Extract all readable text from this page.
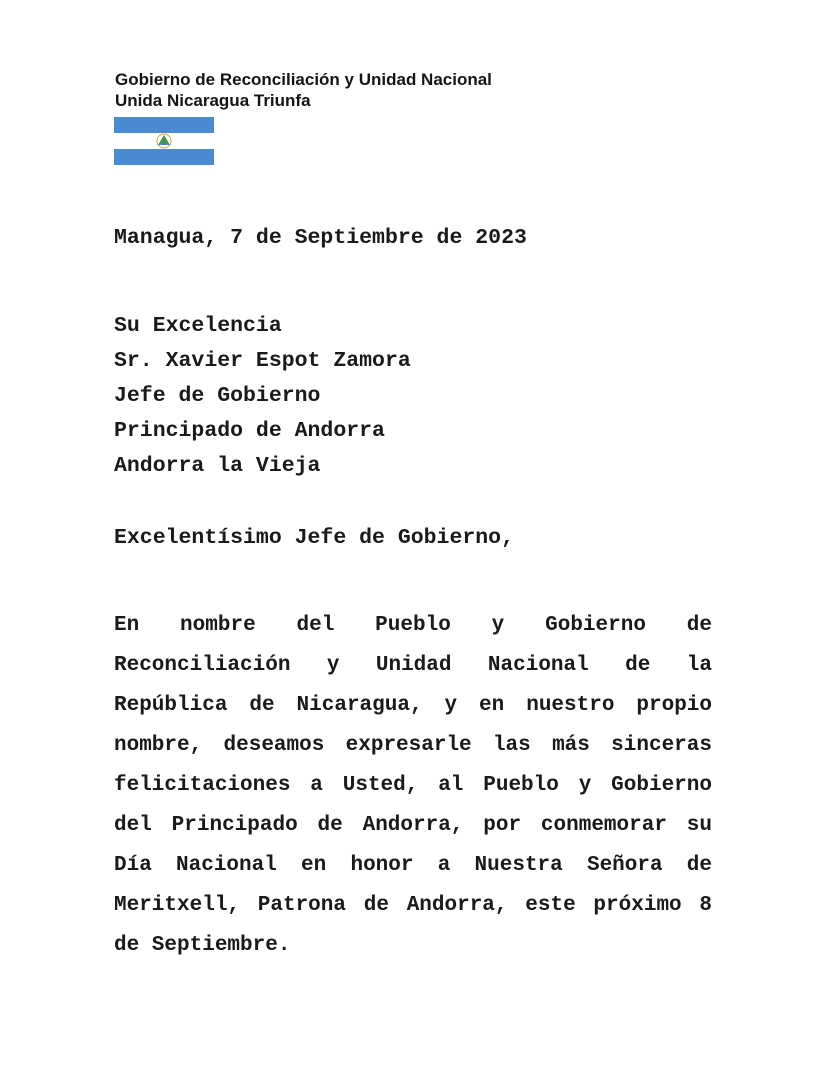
Gobierno de Reconciliación y Unidad Nacional
Unida Nicaragua Triunfa
Managua, 7 de Septiembre de 2023
Su Excelencia
Sr. Xavier Espot Zamora
Jefe de Gobierno
Principado de Andorra
Andorra la Vieja
Excelentísimo Jefe de Gobierno,
En nombre del Pueblo y Gobierno de Reconciliación y Unidad Nacional de la República de Nicaragua, y en nuestro propio nombre, deseamos expresarle las más sinceras felicitaciones a Usted, al Pueblo y Gobierno del Principado de Andorra, por conmemorar su Día Nacional en honor a Nuestra Señora de Meritxell, Patrona de Andorra, este próximo 8 de Septiembre.
